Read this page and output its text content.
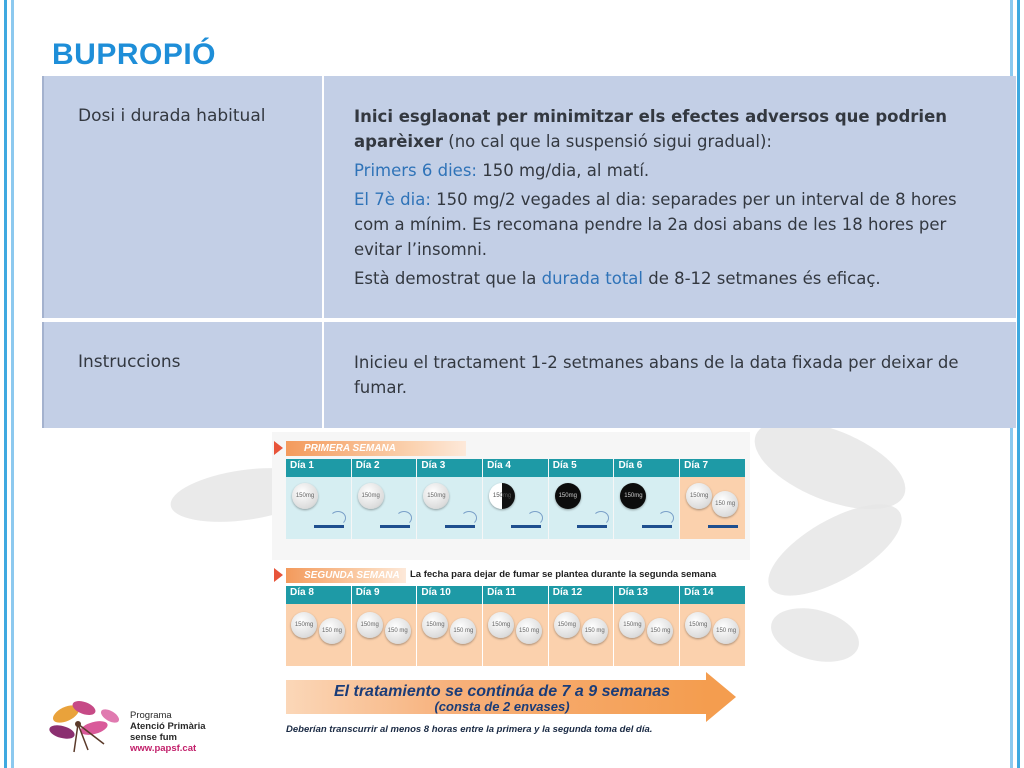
BUPROPIÓ
Dosi i durada habitual	Inici esglaonat per minimitzar els efectes adversos que podrien aparèixer (no cal que la suspensió sigui gradual):

Primers 6 dies: 150 mg/dia, al matí.

El 7è dia: 150 mg/2 vegades al dia: separades per un interval de 8 hores com a mínim. Es recomana pendre la 2a dosi abans de les 18 hores per evitar l’insomni.

Està demostrat que la durada total de 8-12 setmanes és eficaç.

Instruccions	Inicieu el tractament 1-2 setmanes abans de la data fixada per deixar de fumar.
PRIMERA SEMANA
Día 1
150mg
Día 2
150mg
Día 3
150mg
Día 4
150mg
Día 5
150mg
Día 6
150mg
Día 7
150mg
150 mg
SEGUNDA SEMANA	La fecha para dejar de fumar se plantea durante la segunda semana
Día 8
150mg
150 mg
Día 9
150mg
150 mg
Día 10
150mg
150 mg
Día 11
150mg
150 mg
Día 12
150mg
150 mg
Día 13
150mg
150 mg
Día 14
150mg
150 mg
El tratamiento se continúa de 7 a 9 semanas
(consta de 2 envases)
Deberían transcurrir al menos 8 horas entre la primera y la segunda toma del día.
Programa
Atenció Primària
sense fum
www.papsf.cat
